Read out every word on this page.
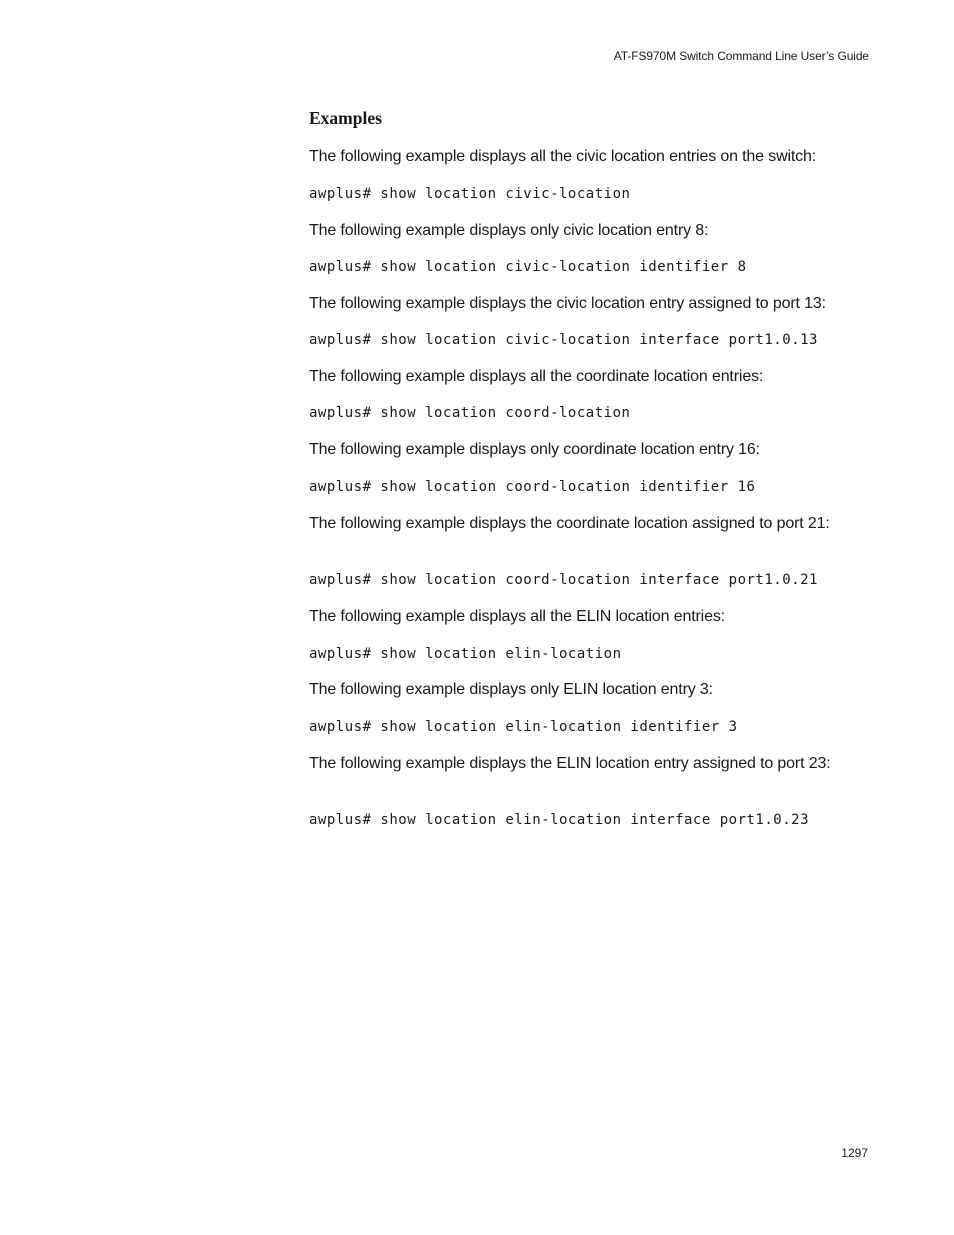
AT-FS970M Switch Command Line User’s Guide
Examples

The following example displays all the civic location entries on the switch:

awplus# show location civic-location

The following example displays only civic location entry 8:

awplus# show location civic-location identifier 8

The following example displays the civic location entry assigned to port 13:

awplus# show location civic-location interface port1.0.13

The following example displays all the coordinate location entries:

awplus# show location coord-location

The following example displays only coordinate location entry 16:

awplus# show location coord-location identifier 16

The following example displays the coordinate location assigned to port 21:

awplus# show location coord-location interface port1.0.21

The following example displays all the ELIN location entries:

awplus# show location elin-location

The following example displays only ELIN location entry 3:

awplus# show location elin-location identifier 3

The following example displays the ELIN location entry assigned to port 23:

awplus# show location elin-location interface port1.0.23
1297
